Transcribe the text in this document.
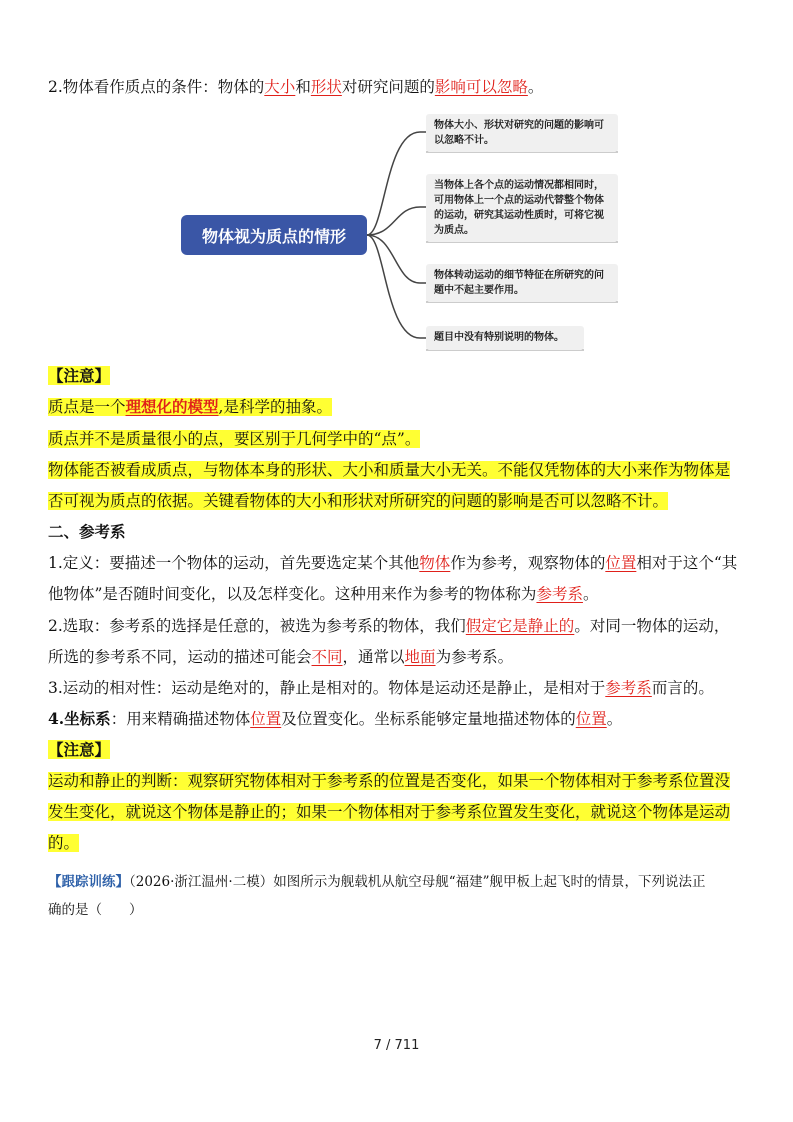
2.物体看作质点的条件：物体的大小和形状对研究问题的影响可以忽略。
物体视为质点的情形
物体大小、形状对研究的问题的影响可以忽略不计。
当物体上各个点的运动情况都相同时，可用物体上一个点的运动代替整个物体的运动，研究其运动性质时，可将它视为质点。
物体转动运动的细节特征在所研究的问题中不起主要作用。
题目中没有特别说明的物体。
【注意】
质点是一个理想化的模型,是科学的抽象。
质点并不是质量很小的点，要区别于几何学中的“点”。
物体能否被看成质点，与物体本身的形状、大小和质量大小无关。不能仅凭物体的大小来作为物体是
否可视为质点的依据。关键看物体的大小和形状对所研究的问题的影响是否可以忽略不计。
二、参考系
1.定义：要描述一个物体的运动，首先要选定某个其他物体作为参考，观察物体的位置相对于这个“其
他物体”是否随时间变化，以及怎样变化。这种用来作为参考的物体称为参考系。
2.选取：参考系的选择是任意的，被选为参考系的物体，我们假定它是静止的。对同一物体的运动，
所选的参考系不同，运动的描述可能会不同，通常以地面为参考系。
3.运动的相对性：运动是绝对的，静止是相对的。物体是运动还是静止，是相对于参考系而言的。
4.坐标系：用来精确描述物体位置及位置变化。坐标系能够定量地描述物体的位置。
【注意】
运动和静止的判断：观察研究物体相对于参考系的位置是否变化，如果一个物体相对于参考系位置没
发生变化，就说这个物体是静止的；如果一个物体相对于参考系位置发生变化，就说这个物体是运动
的。
【跟踪训练】（2026·浙江温州·二模）如图所示为舰载机从航空母舰“福建”舰甲板上起飞时的情景，下列说法正
确的是（　　）
7 / 711
